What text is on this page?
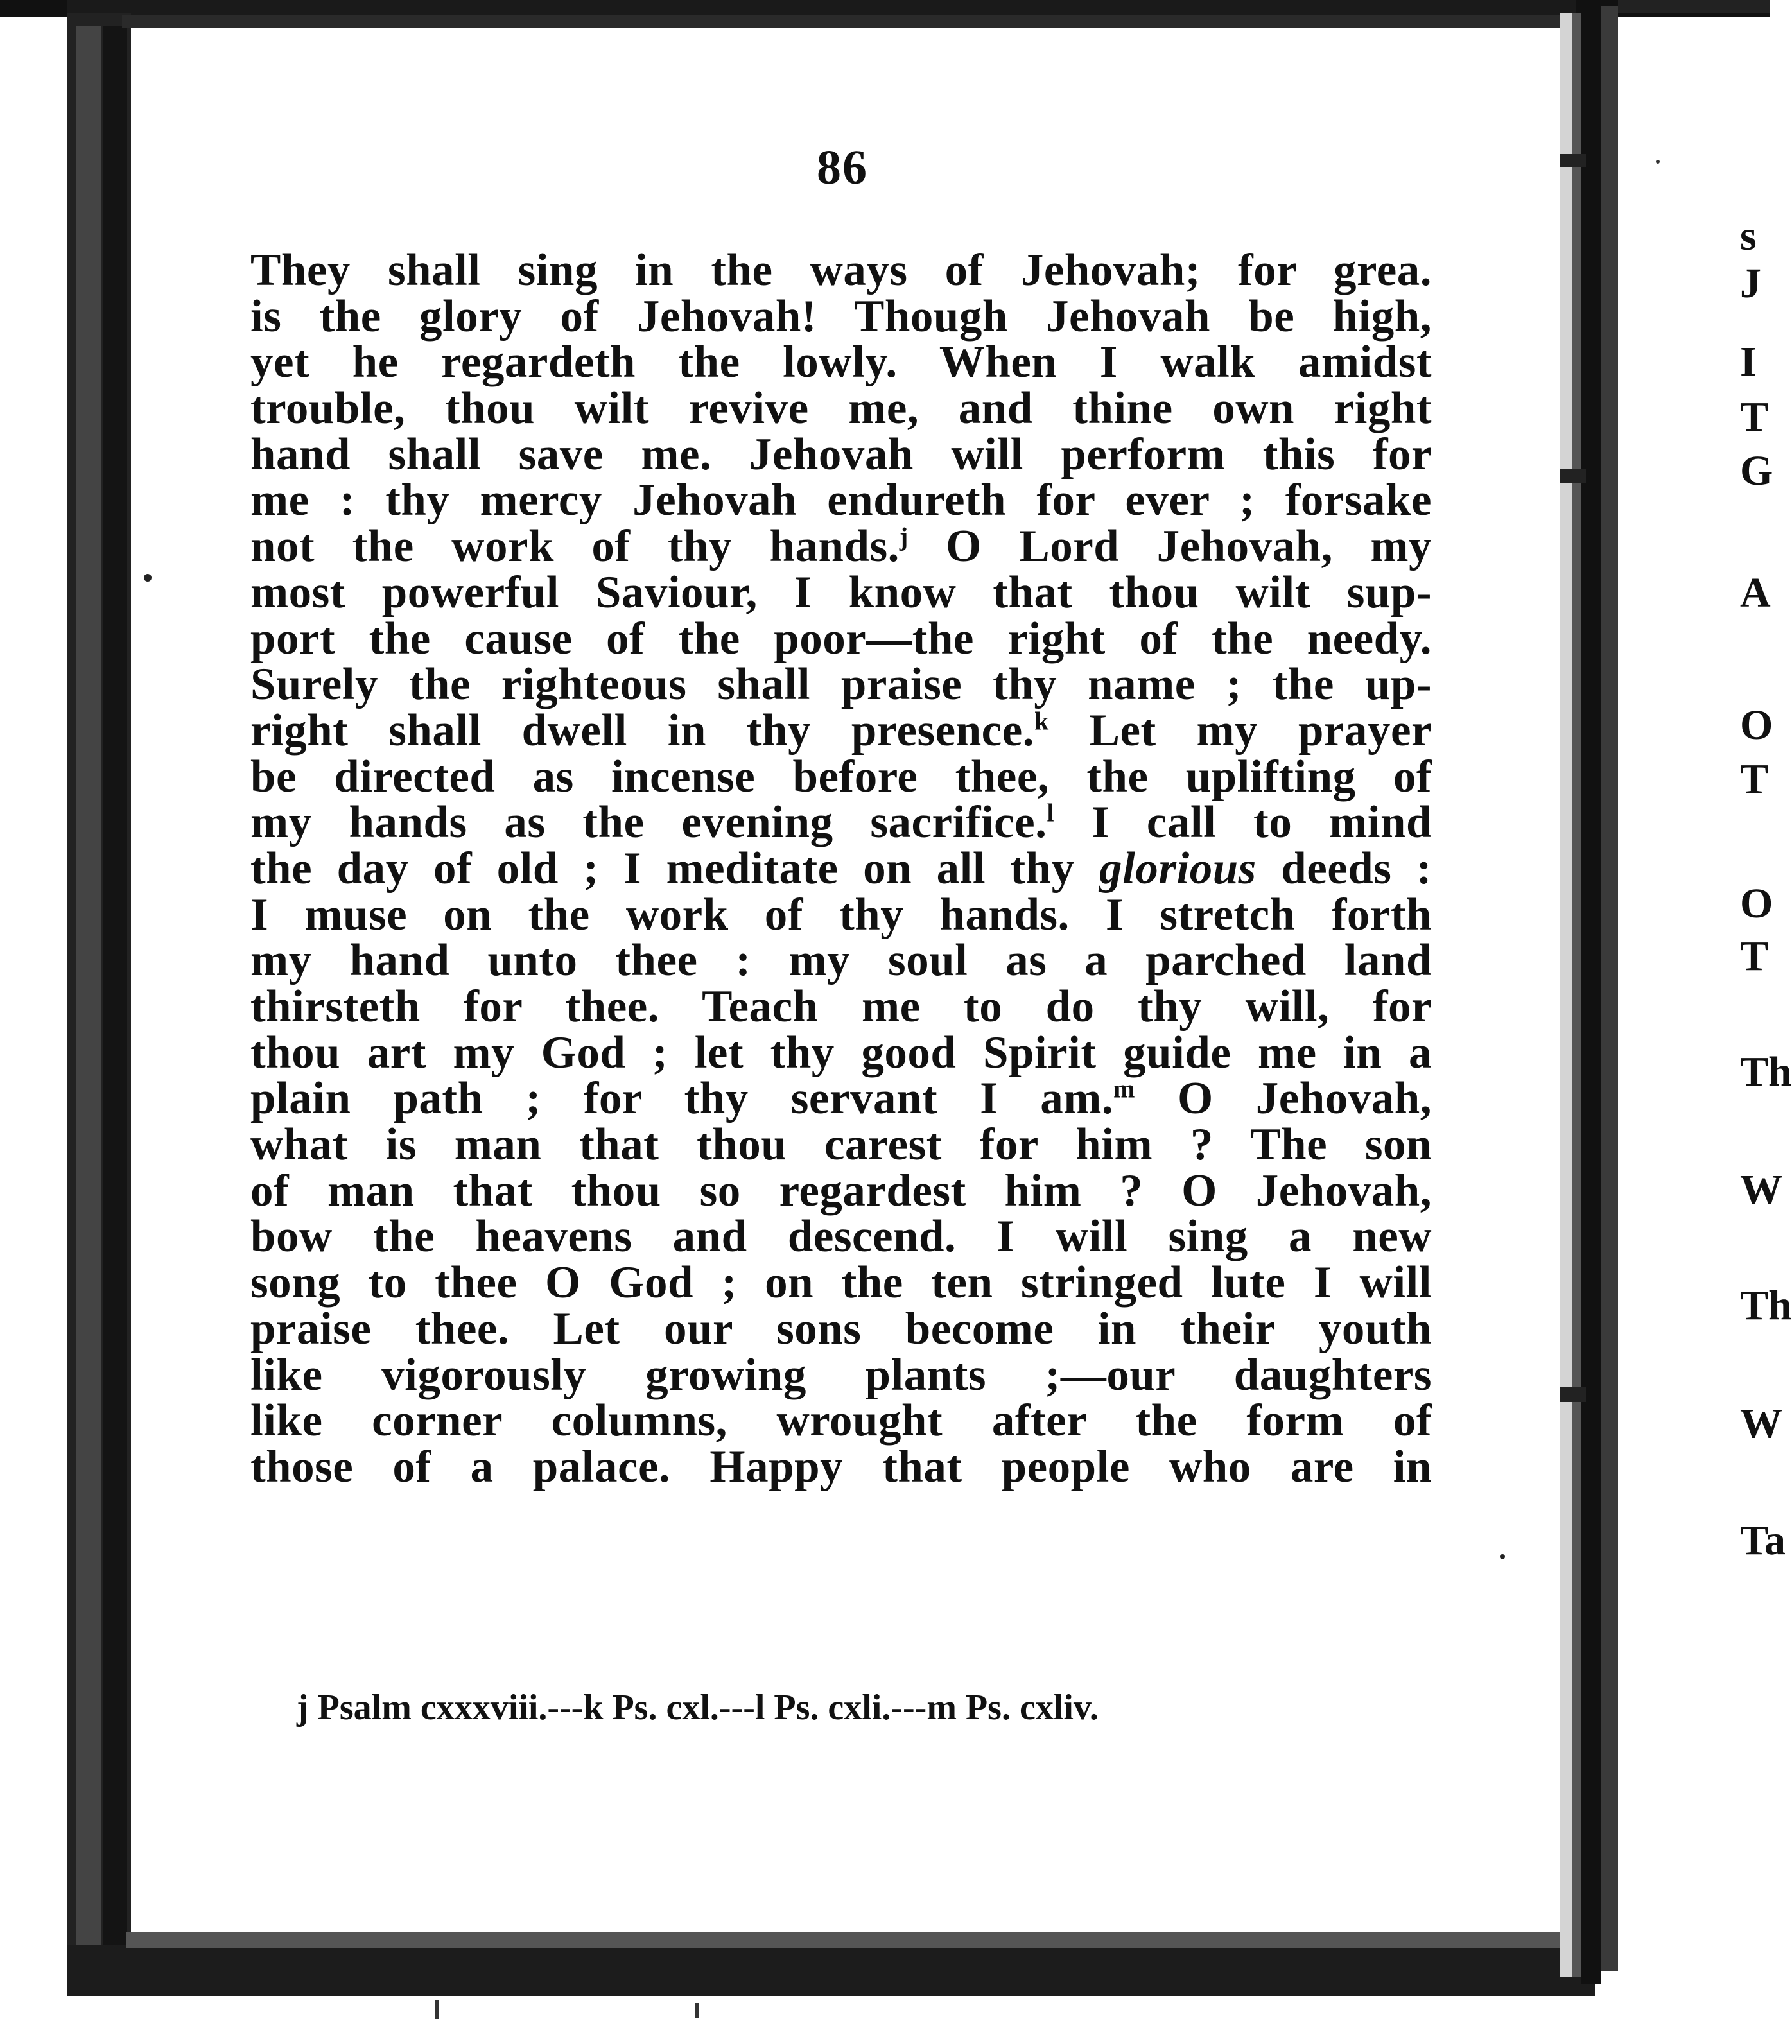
86
They shall sing in the ways of Jehovah; for grea.
is the glory of Jehovah! Though Jehovah be high,
yet he regardeth the lowly. When I walk amidst
trouble, thou wilt revive me, and thine own right
hand shall save me. Jehovah will perform this for
me : thy mercy Jehovah endureth for ever ; forsake
not the work of thy hands.$^j$ O Lord Jehovah, my
most powerful Saviour, I know that thou wilt sup-
port the cause of the poor—the right of the needy.
Surely the righteous shall praise thy name ; the up-
right shall dwell in thy presence.$^k$ Let my prayer
be directed as incense before thee, the uplifting of
my hands as the evening sacrifice.$^l$ I call to mind
the day of old ; I meditate on all thy glorious deeds :
I muse on the work of thy hands. I stretch forth
my hand unto thee : my soul as a parched land
thirsteth for thee. Teach me to do thy will, for
thou art my God ; let thy good Spirit guide me in a
plain path ; for thy servant I am.$^m$ O Jehovah,
what is man that thou carest for him ? The son
of man that thou so regardest him ? O Jehovah,
bow the heavens and descend. I will sing a new
song to thee O God ; on the ten stringed lute I will
praise thee. Let our sons become in their youth
like vigorously growing plants ;—our daughters
like corner columns, wrought after the form of
those of a palace. Happy that people who are in
j Psalm cxxxviii.---k Ps. cxl.---l Ps. cxli.---m Ps. cxliv.
s
J
I
T
G
A
O
T
O
T
Th
W
Th
W
Ta
